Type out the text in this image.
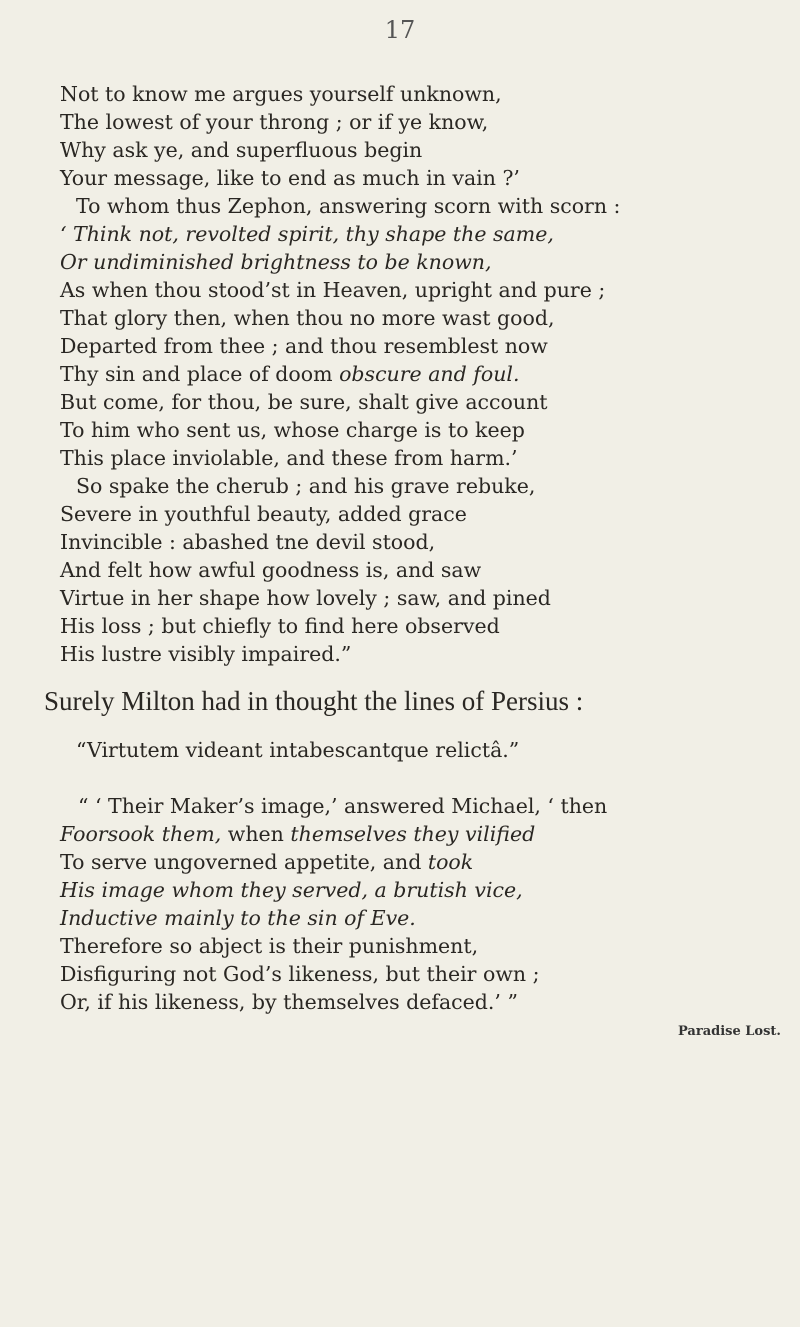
17
Not to know me argues yourself unknown,
The lowest of your throng ; or if ye know,
Why ask ye, and superfluous begin
Your message, like to end as much in vain ?’
To whom thus Zephon, answering scorn with scorn :
‘ Think not, revolted spirit, thy shape the same,
Or undiminished brightness to be known,
As when thou stood’st in Heaven, upright and pure ;
That glory then, when thou no more wast good,
Departed from thee ; and thou resemblest now
Thy sin and place of doom obscure and foul.
But come, for thou, be sure, shalt give account
To him who sent us, whose charge is to keep
This place inviolable, and these from harm.’
So spake the cherub ; and his grave rebuke,
Severe in youthful beauty, added grace
Invincible : abashed tne devil stood,
And felt how awful goodness is, and saw
Virtue in her shape how lovely ; saw, and pined
His loss ; but chiefly to find here observed
His lustre visibly impaired.”
Surely Milton had in thought the lines of Persius :
“Virtutem videant intabescantque relictâ.”
“ ‘ Their Maker’s image,’ answered Michael, ‘ then
Foorsook them, when themselves they vilified
To serve ungoverned appetite, and took
His image whom they served, a brutish vice,
Inductive mainly to the sin of Eve.
Therefore so abject is their punishment,
Disfiguring not God’s likeness, but their own ;
Or, if his likeness, by themselves defaced.’ ”
Paradise Lost.
